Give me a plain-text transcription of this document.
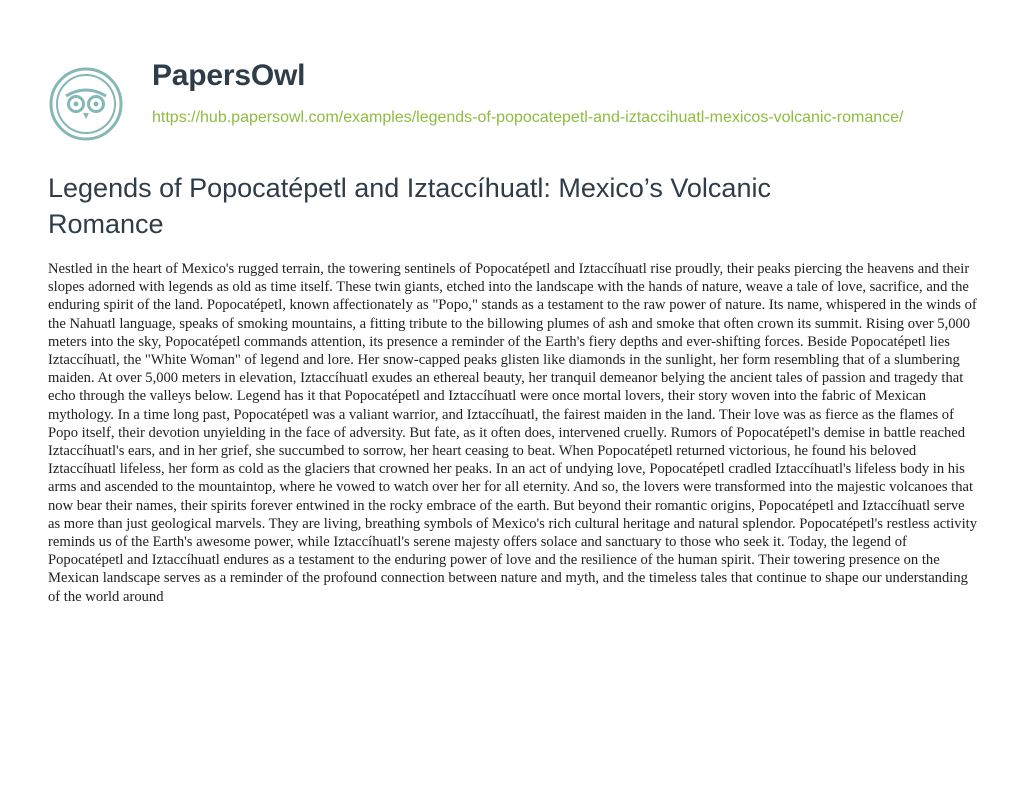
PapersOwl
https://hub.papersowl.com/examples/legends-of-popocatepetl-and-iztaccihuatl-mexicos-volcanic-romance/
Legends of Popocatépetl and Iztaccíhuatl: Mexico’s Volcanic Romance

Nestled in the heart of Mexico's rugged terrain, the towering sentinels of Popocatépetl and Iztaccíhuatl rise proudly, their peaks piercing the heavens and their slopes adorned with legends as old as time itself. These twin giants, etched into the landscape with the hands of nature, weave a tale of love, sacrifice, and the enduring spirit of the land. Popocatépetl, known affectionately as "Popo," stands as a testament to the raw power of nature. Its name, whispered in the winds of the Nahuatl language, speaks of smoking mountains, a fitting tribute to the billowing plumes of ash and smoke that often crown its summit. Rising over 5,000 meters into the sky, Popocatépetl commands attention, its presence a reminder of the Earth's fiery depths and ever-shifting forces. Beside Popocatépetl lies Iztaccíhuatl, the "White Woman" of legend and lore. Her snow-capped peaks glisten like diamonds in the sunlight, her form resembling that of a slumbering maiden. At over 5,000 meters in elevation, Iztaccíhuatl exudes an ethereal beauty, her tranquil demeanor belying the ancient tales of passion and tragedy that echo through the valleys below. Legend has it that Popocatépetl and Iztaccíhuatl were once mortal lovers, their story woven into the fabric of Mexican mythology. In a time long past, Popocatépetl was a valiant warrior, and Iztaccíhuatl, the fairest maiden in the land. Their love was as fierce as the flames of Popo itself, their devotion unyielding in the face of adversity. But fate, as it often does, intervened cruelly. Rumors of Popocatépetl's demise in battle reached Iztaccíhuatl's ears, and in her grief, she succumbed to sorrow, her heart ceasing to beat. When Popocatépetl returned victorious, he found his beloved Iztaccíhuatl lifeless, her form as cold as the glaciers that crowned her peaks. In an act of undying love, Popocatépetl cradled Iztaccíhuatl's lifeless body in his arms and ascended to the mountaintop, where he vowed to watch over her for all eternity. And so, the lovers were transformed into the majestic volcanoes that now bear their names, their spirits forever entwined in the rocky embrace of the earth. But beyond their romantic origins, Popocatépetl and Iztaccíhuatl serve as more than just geological marvels. They are living, breathing symbols of Mexico's rich cultural heritage and natural splendor. Popocatépetl's restless activity reminds us of the Earth's awesome power, while Iztaccíhuatl's serene majesty offers solace and sanctuary to those who seek it. Today, the legend of Popocatépetl and Iztaccíhuatl endures as a testament to the enduring power of love and the resilience of the human spirit. Their towering presence on the Mexican landscape serves as a reminder of the profound connection between nature and myth, and the timeless tales that continue to shape our understanding of the world around
